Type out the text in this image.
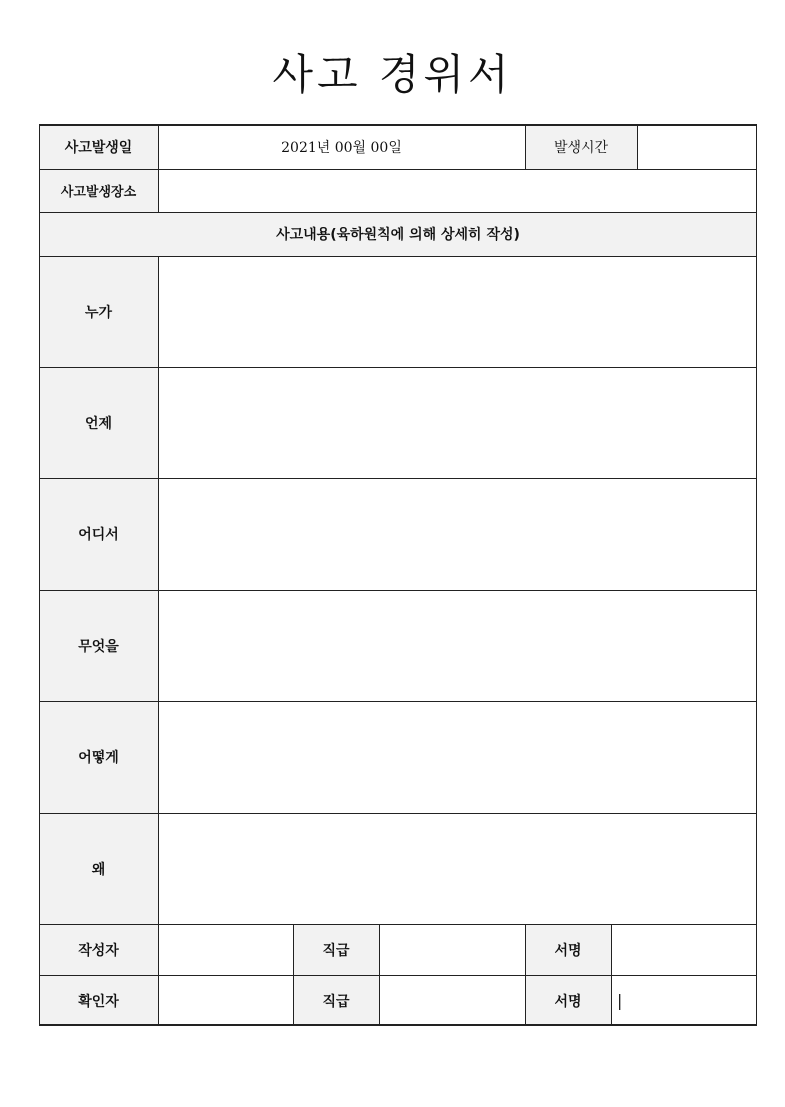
사고 경위서
사고발생일	2021년 00월 00일	발생시간
사고발생장소
사고내용(육하원칙에 의해 상세히 작성)
누가
언제
어디서
무엇을
어떻게
왜
작성자	직급	서명
확인자	직급	서명	|
